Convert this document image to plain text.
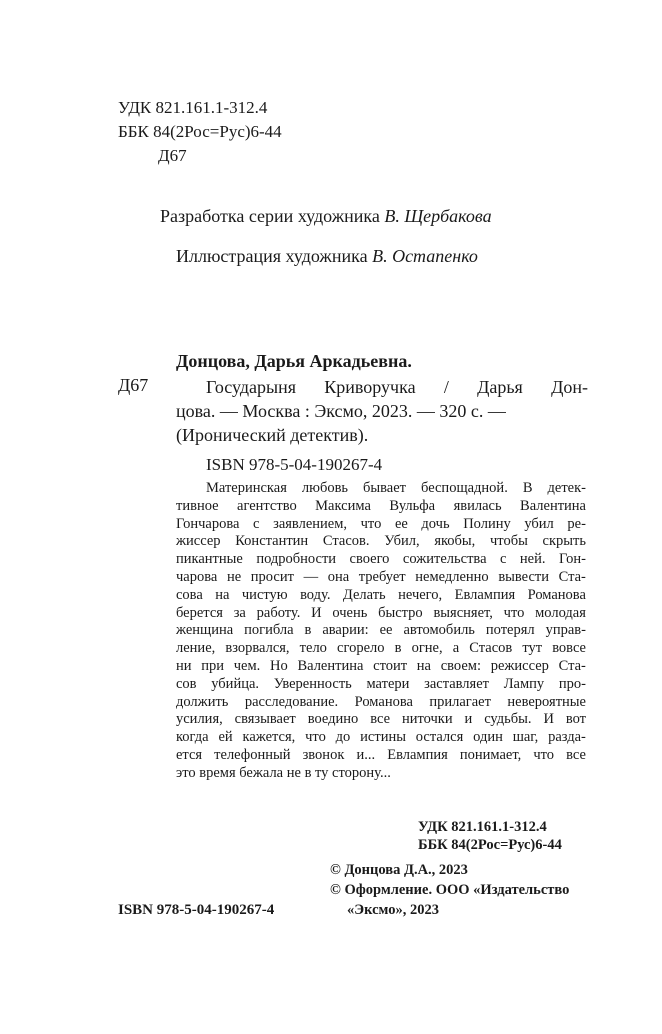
УДК 821.161.1-312.4
ББК 84(2Рос=Рус)6-44
Д67
Разработка серии художника В. Щербакова
Иллюстрация художника В. Остапенко
Донцова, Дарья Аркадьевна.
Д67	Государыня Криворучка / Дарья Дон-
цова. — Москва : Эксмо, 2023. — 320 с. —
(Иронический детектив).
ISBN 978-5-04-190267-4
Материнская любовь бывает беспощадной. В детек-
тивное агентство Максима Вульфа явилась Валентина
Гончарова с заявлением, что ее дочь Полину убил ре-
жиссер Константин Стасов. Убил, якобы, чтобы скрыть
пикантные подробности своего сожительства с ней. Гон-
чарова не просит — она требует немедленно вывести Ста-
сова на чистую воду. Делать нечего, Евлампия Романова
берется за работу. И очень быстро выясняет, что молодая
женщина погибла в аварии: ее автомобиль потерял управ-
ление, взорвался, тело сгорело в огне, а Стасов тут вовсе
ни при чем. Но Валентина стоит на своем: режиссер Ста-
сов убийца. Уверенность матери заставляет Лампу про-
должить расследование. Романова прилагает невероятные
усилия, связывает воедино все ниточки и судьбы. И вот
когда ей кажется, что до истины остался один шаг, разда-
ется телефонный звонок и... Евлампия понимает, что все
это время бежала не в ту сторону...
УДК 821.161.1-312.4
ББК 84(2Рос=Рус)6-44
© Донцова Д.А., 2023
© Оформление. ООО «Издательство
«Эксмо», 2023
ISBN 978-5-04-190267-4
